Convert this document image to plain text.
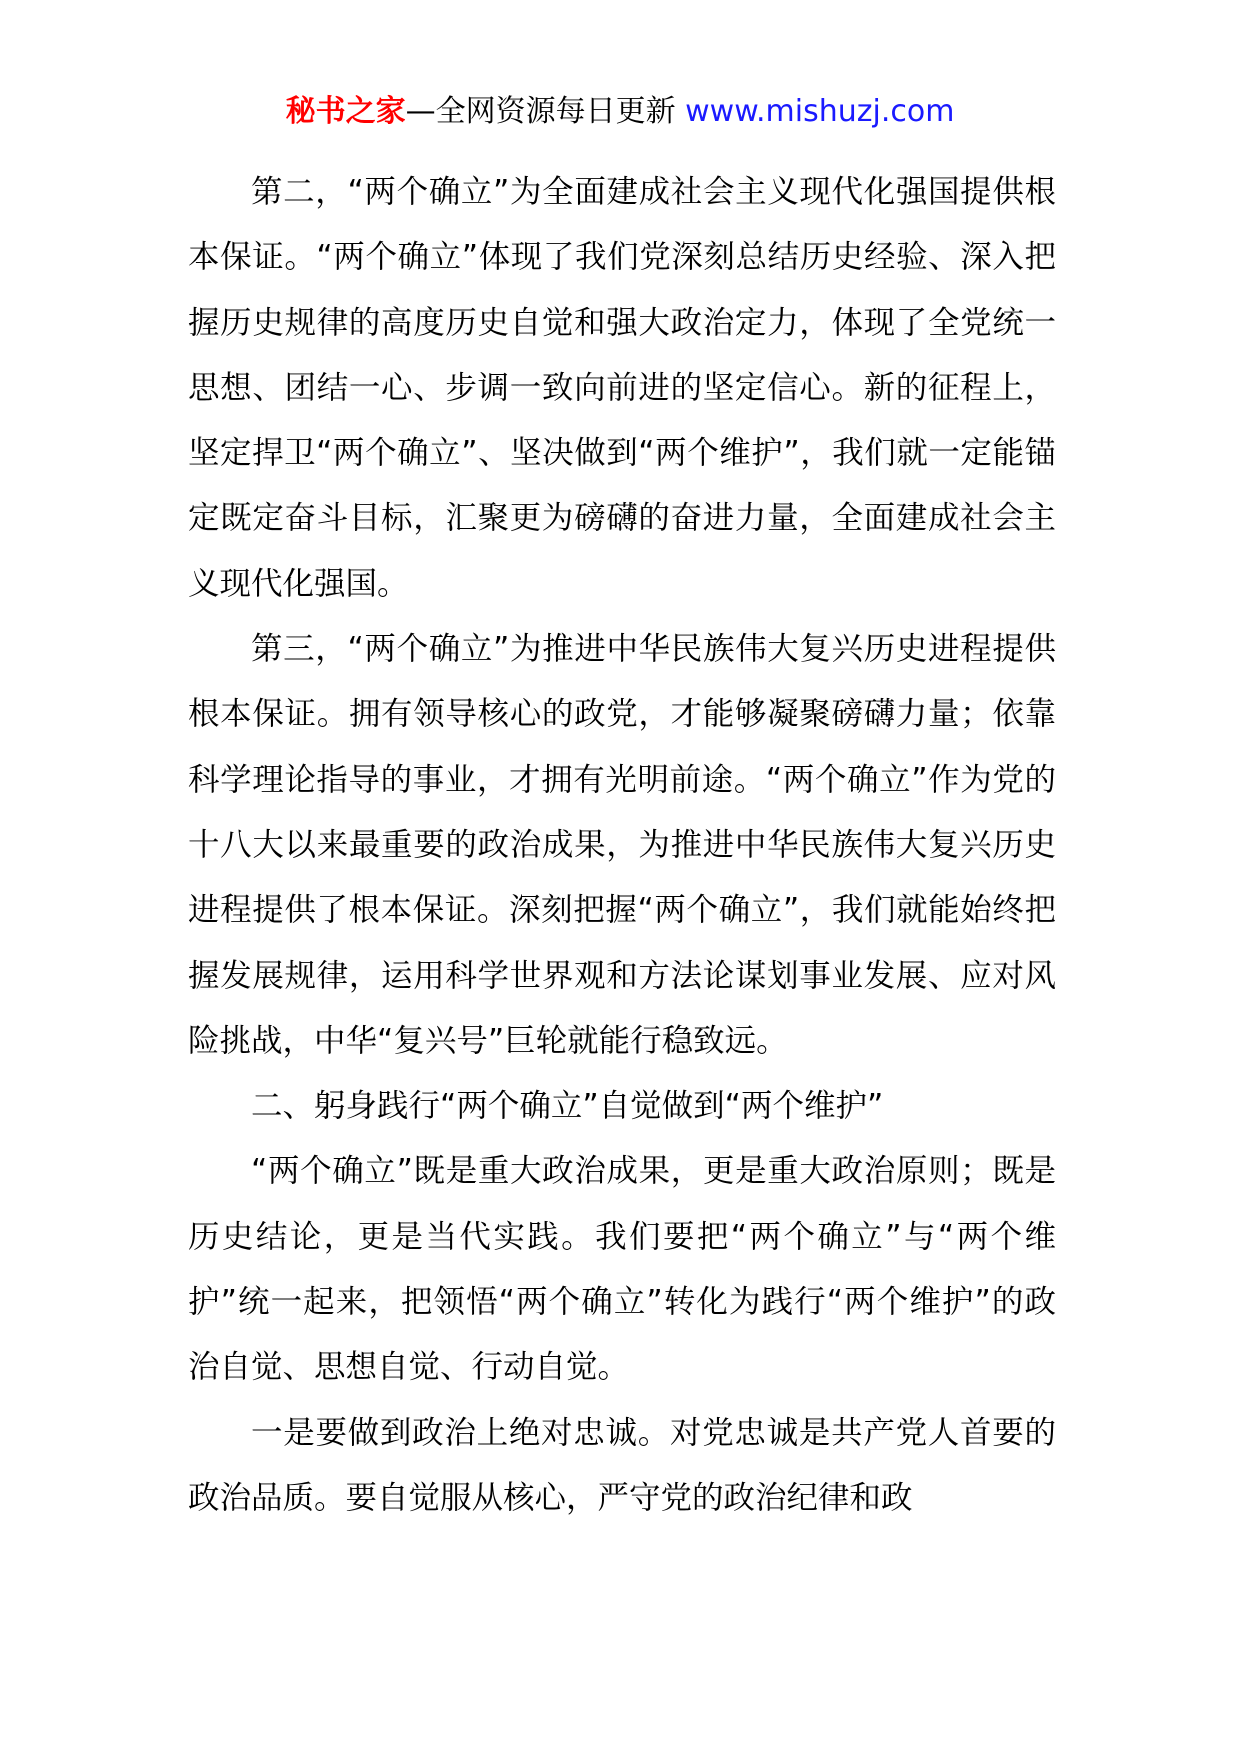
秘书之家—全网资源每日更新 www.mishuzj.com

第二，“两个确立”为全面建成社会主义现代化强国提供根本保证。“两个确立”体现了我们党深刻总结历史经验、深入把握历史规律的高度历史自觉和强大政治定力，体现了全党统一思想、团结一心、步调一致向前进的坚定信心。新的征程上，坚定捍卫“两个确立”、坚决做到“两个维护”，我们就一定能锚定既定奋斗目标，汇聚更为磅礴的奋进力量，全面建成社会主义现代化强国。

第三，“两个确立”为推进中华民族伟大复兴历史进程提供根本保证。拥有领导核心的政党，才能够凝聚磅礴力量；依靠科学理论指导的事业，才拥有光明前途。“两个确立”作为党的十八大以来最重要的政治成果，为推进中华民族伟大复兴历史进程提供了根本保证。深刻把握“两个确立”，我们就能始终把握发展规律，运用科学世界观和方法论谋划事业发展、应对风险挑战，中华“复兴号”巨轮就能行稳致远。

二、躬身践行“两个确立”自觉做到“两个维护”

“两个确立”既是重大政治成果，更是重大政治原则；既是历史结论，更是当代实践。我们要把“两个确立”与“两个维护”统一起来，把领悟“两个确立”转化为践行“两个维护”的政治自觉、思想自觉、行动自觉。

一是要做到政治上绝对忠诚。对党忠诚是共产党人首要的政治品质。要自觉服从核心，严守党的政治纪律和政
